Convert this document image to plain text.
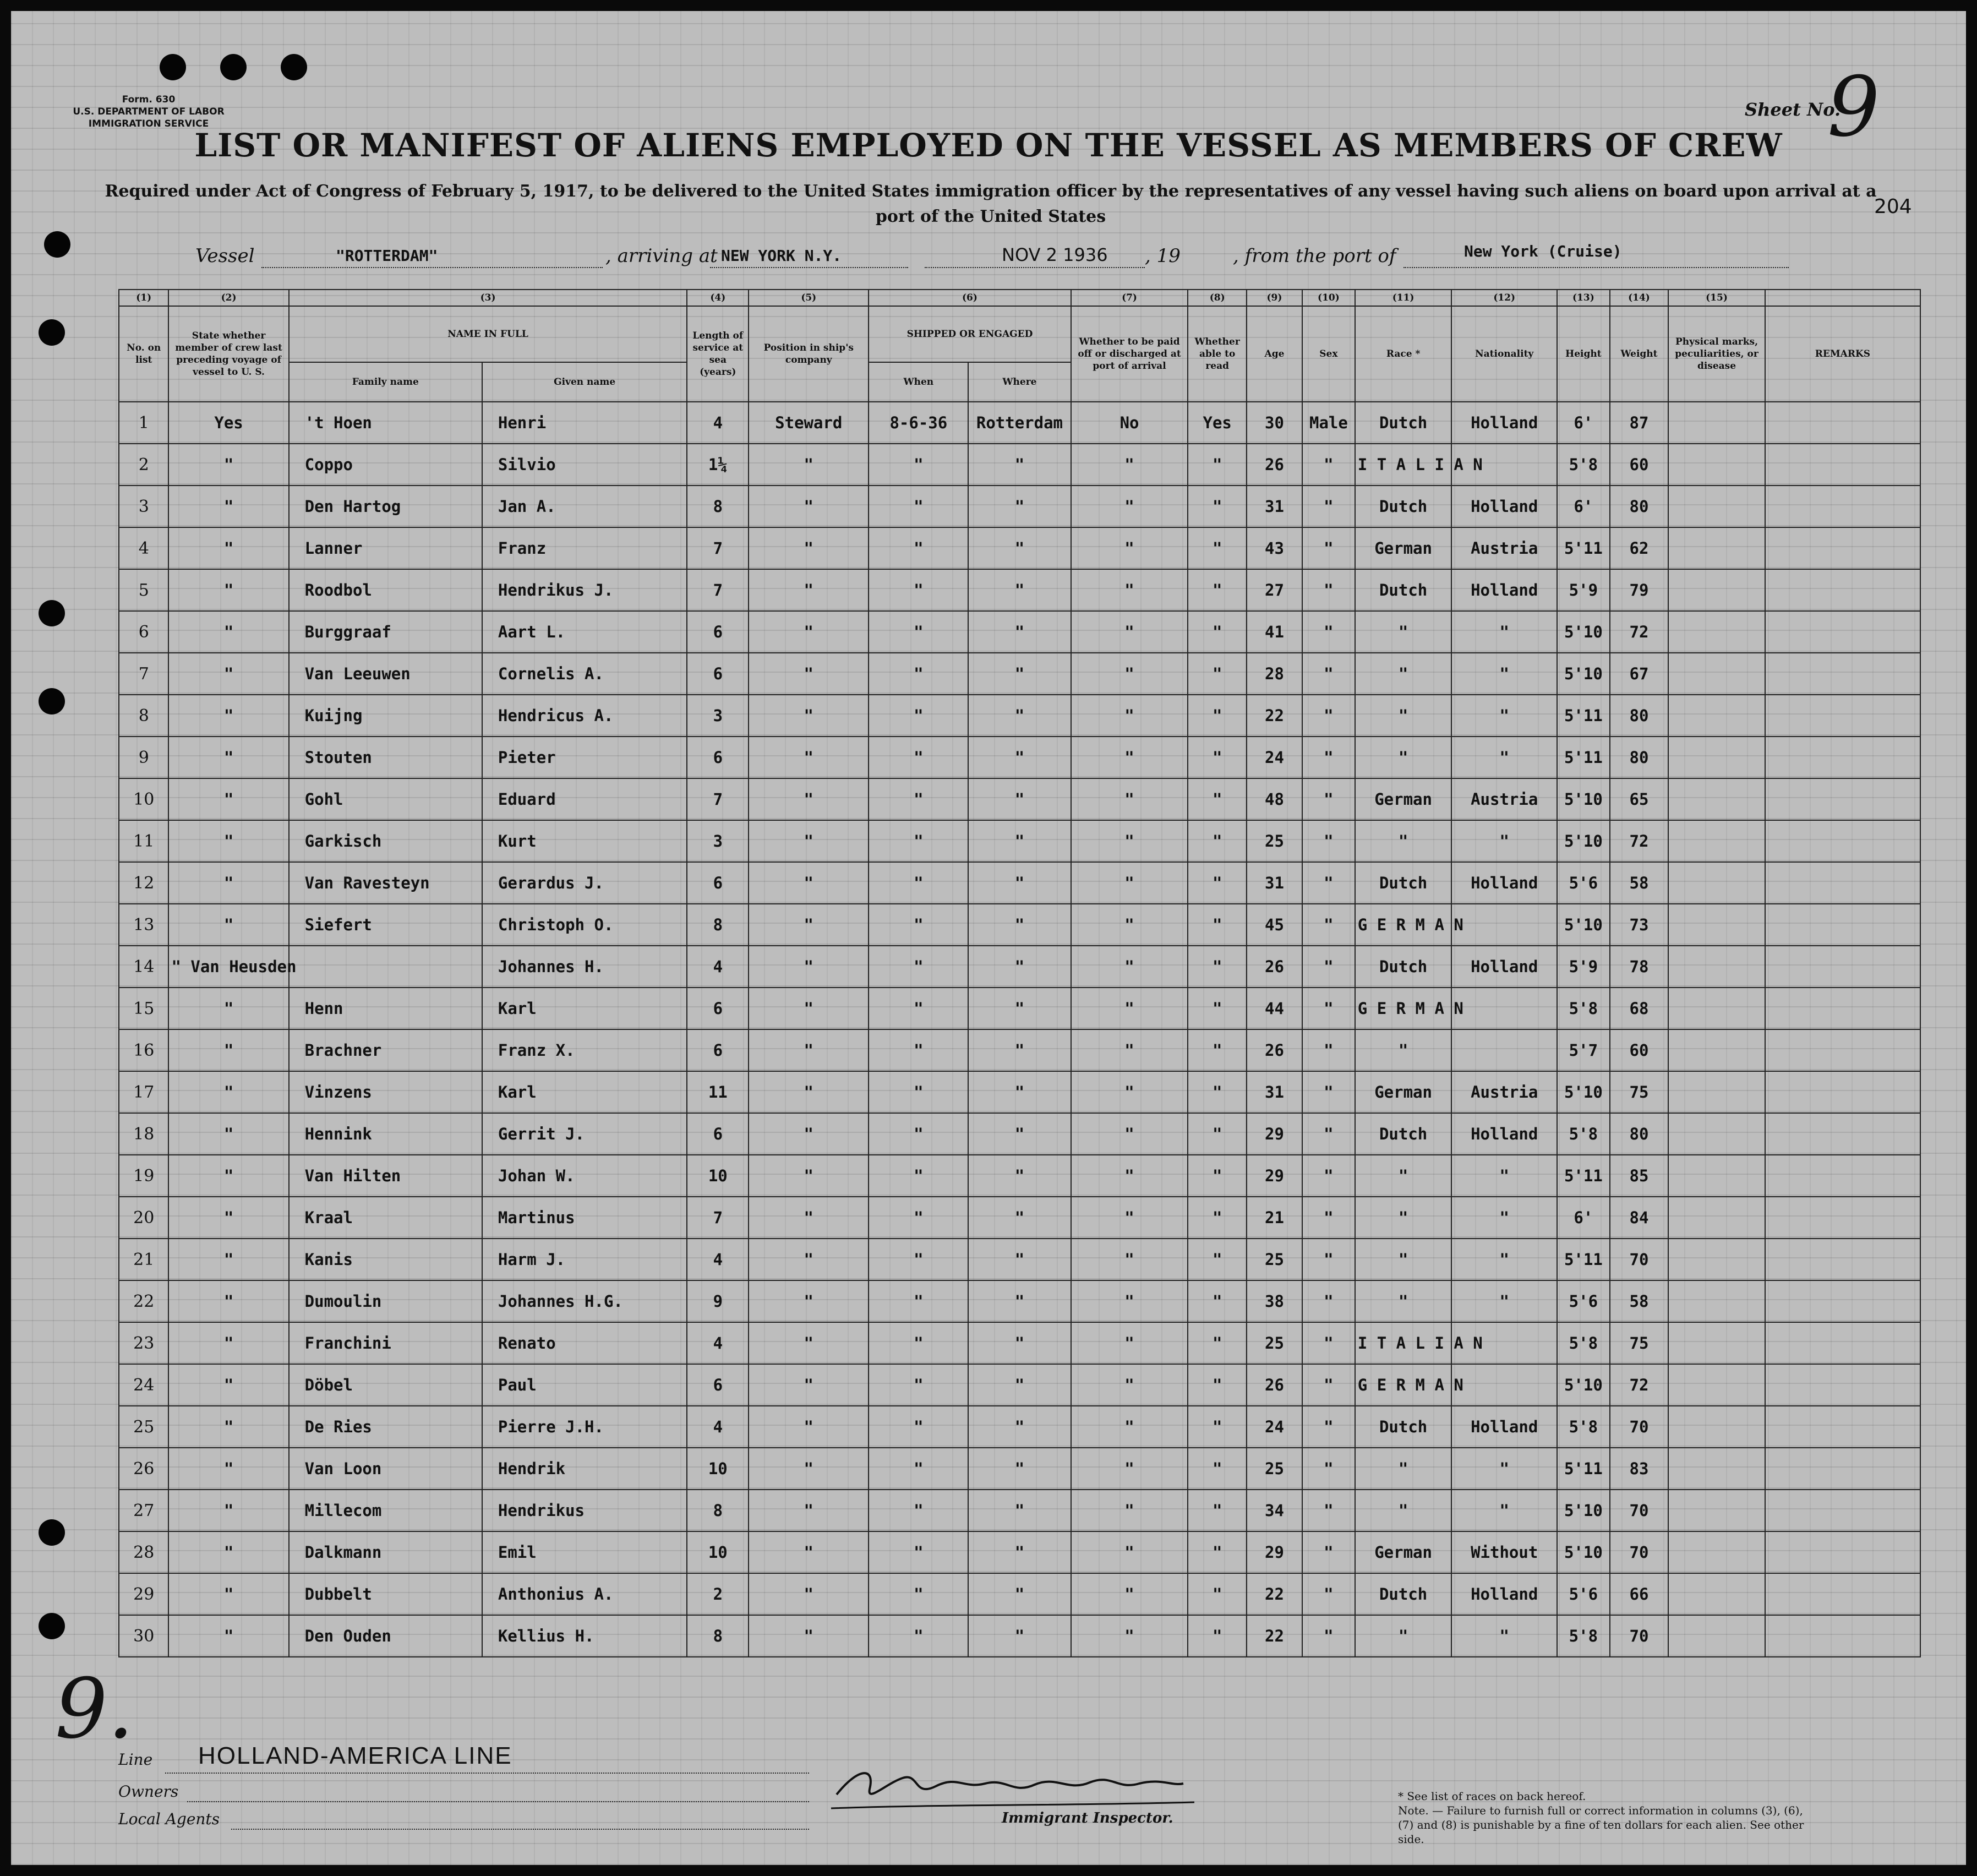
Form. 630
U.S. DEPARTMENT OF LABOR
IMMIGRATION SERVICE
Sheet No.
9
LIST OR MANIFEST OF ALIENS EMPLOYED ON THE VESSEL AS MEMBERS OF CREW
Required under Act of Congress of February 5, 1917, to be delivered to the United States immigration officer by the representatives of any vessel having such aliens on board upon arrival at a port of the United States	204
Vessel	"ROTTERDAM"	, arriving at NEW YORK N.Y.	NOV 2 1936 , 19	, from the port of	New York (Cruise)
(1)	(2)	(3)		(4)	(5)	(6)		(7)	(8)	(9)	(10)	(11)	(12)	(13)	(14)	(15)	
No. on list	State whether member of crew last preceding voyage of vessel to U. S.	NAME IN FULL		Length of service at sea (years)	Position in ship's company	SHIPPED OR ENGAGED		Whether to be paid off or discharged at port of arrival	Whether able to read	Age	Sex	Race *	Nationality	Height	Weight	Physical marks, peculiarities, or disease	REMARKS
		Family name	Given name			When	Where										
1	Yes	't Hoen	Henri	4	Steward	8-6-36	Rotterdam	No	Yes	30	Male	Dutch	Holland	6'	87		
2	"	Coppo	Silvio	1¼	"	"	"	"	"	26	"	I T A L I A N		5'8	60		
3	"	Den Hartog	Jan A.	8	"	"	"	"	"	31	"	Dutch	Holland	6'	80		
4	"	Lanner	Franz	7	"	"	"	"	"	43	"	German	Austria	5'11	62		
5	"	Roodbol	Hendrikus J.	7	"	"	"	"	"	27	"	Dutch	Holland	5'9	79		
6	"	Burggraaf	Aart L.	6	"	"	"	"	"	41	"	"	"	5'10	72		
7	"	Van Leeuwen	Cornelis A.	6	"	"	"	"	"	28	"	"	"	5'10	67		
8	"	Kuijng	Hendricus A.	3	"	"	"	"	"	22	"	"	"	5'11	80		
9	"	Stouten	Pieter	6	"	"	"	"	"	24	"	"	"	5'11	80		
10	"	Gohl	Eduard	7	"	"	"	"	"	48	"	German	Austria	5'10	65		
11	"	Garkisch	Kurt	3	"	"	"	"	"	25	"	"	"	5'10	72		
12	"	Van Ravesteyn	Gerardus J.	6	"	"	"	"	"	31	"	Dutch	Holland	5'6	58		
13	"	Siefert	Christoph O.	8	"	"	"	"	"	45	"	G E R M A N		5'10	73		
14	" Van Heusden		Johannes H.	4	"	"	"	"	"	26	"	Dutch	Holland	5'9	78		
15	"	Henn	Karl	6	"	"	"	"	"	44	"	G E R M A N		5'8	68		
16	"	Brachner	Franz X.	6	"	"	"	"	"	26	"	"		5'7	60		
17	"	Vinzens	Karl	11	"	"	"	"	"	31	"	German	Austria	5'10	75		
18	"	Hennink	Gerrit J.	6	"	"	"	"	"	29	"	Dutch	Holland	5'8	80		
19	"	Van Hilten	Johan W.	10	"	"	"	"	"	29	"	"	"	5'11	85		
20	"	Kraal	Martinus	7	"	"	"	"	"	21	"	"	"	6'	84		
21	"	Kanis	Harm J.	4	"	"	"	"	"	25	"	"	"	5'11	70		
22	"	Dumoulin	Johannes H.G.	9	"	"	"	"	"	38	"	"	"	5'6	58		
23	"	Franchini	Renato	4	"	"	"	"	"	25	"	I T A L I A N		5'8	75		
24	"	Döbel	Paul	6	"	"	"	"	"	26	"	G E R M A N		5'10	72		
25	"	De Ries	Pierre J.H.	4	"	"	"	"	"	24	"	Dutch	Holland	5'8	70		
26	"	Van Loon	Hendrik	10	"	"	"	"	"	25	"	"	"	5'11	83		
27	"	Millecom	Hendrikus	8	"	"	"	"	"	34	"	"	"	5'10	70		
28	"	Dalkmann	Emil	10	"	"	"	"	"	29	"	German	Without	5'10	70		
29	"	Dubbelt	Anthonius A.	2	"	"	"	"	"	22	"	Dutch	Holland	5'6	66		
30	"	Den Ouden	Kellius H.	8	"	"	"	"	"	22	"	"	"	5'8	70		
9.
Line HOLLAND-AMERICA LINE
Owners
Local Agents	Immigrant Inspector.
* See list of races on back hereof.
Note. — Failure to furnish full or correct information in columns (3), (6), (7) and (8) is punishable by a fine of ten dollars for each alien. See other side.
